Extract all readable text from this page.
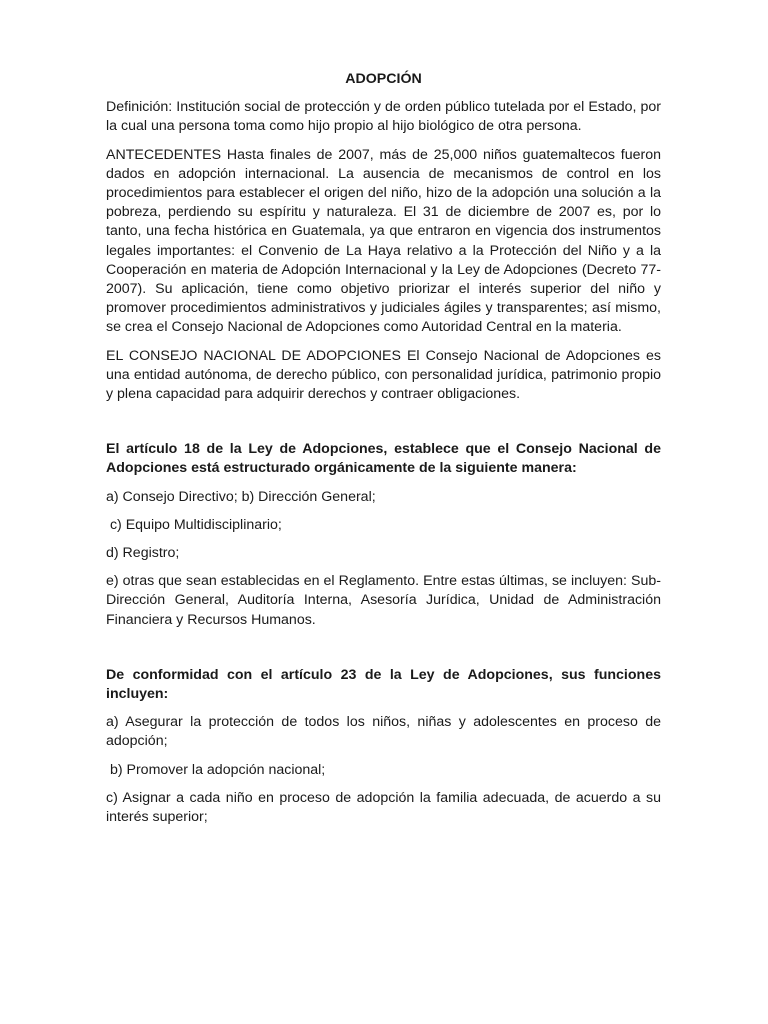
ADOPCIÓN

Definición: Institución social de protección y de orden público tutelada por el Estado, por la cual una persona toma como hijo propio al hijo biológico de otra persona.

ANTECEDENTES Hasta finales de 2007, más de 25,000 niños guatemaltecos fueron dados en adopción internacional. La ausencia de mecanismos de control en los procedimientos para establecer el origen del niño, hizo de la adopción una solución a la pobreza, perdiendo su espíritu y naturaleza. El 31 de diciembre de 2007 es, por lo tanto, una fecha histórica en Guatemala, ya que entraron en vigencia dos instrumentos legales importantes: el Convenio de La Haya relativo a la Protección del Niño y a la Cooperación en materia de Adopción Internacional y la Ley de Adopciones (Decreto 77-2007). Su aplicación, tiene como objetivo priorizar el interés superior del niño y promover procedimientos administrativos y judiciales ágiles y transparentes; así mismo, se crea el Consejo Nacional de Adopciones como Autoridad Central en la materia.

EL CONSEJO NACIONAL DE ADOPCIONES El Consejo Nacional de Adopciones es una entidad autónoma, de derecho público, con personalidad jurídica, patrimonio propio y plena capacidad para adquirir derechos y contraer obligaciones.

El artículo 18 de la Ley de Adopciones, establece que el Consejo Nacional de Adopciones está estructurado orgánicamente de la siguiente manera:

a) Consejo Directivo; b) Dirección General;

c) Equipo Multidisciplinario;

d) Registro;

e) otras que sean establecidas en el Reglamento. Entre estas últimas, se incluyen: Sub-Dirección General, Auditoría Interna, Asesoría Jurídica, Unidad de Administración Financiera y Recursos Humanos.

De conformidad con el artículo 23 de la Ley de Adopciones, sus funciones incluyen:

a) Asegurar la protección de todos los niños, niñas y adolescentes en proceso de adopción;

b) Promover la adopción nacional;

c) Asignar a cada niño en proceso de adopción la familia adecuada, de acuerdo a su interés superior;
